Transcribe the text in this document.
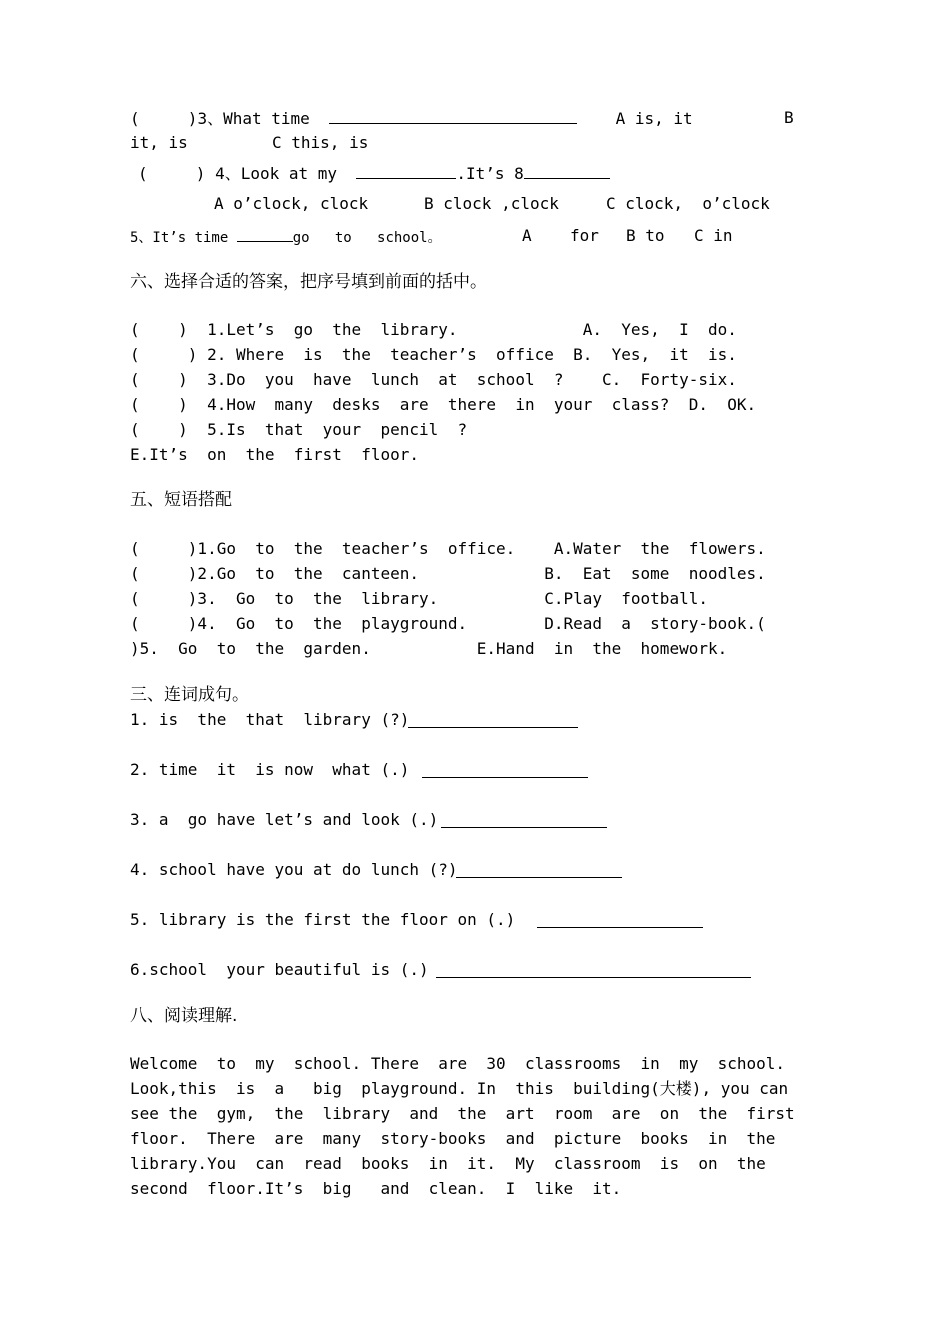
(     )3、What time	A is, it	B
it, is	C this, is
(     ) 4、Look at my	.It’s 8
A o’clock, clock	B clock ,clock	C clock,  o’clock
5、It’s time	go   to   school。	A for B to C in
六、选择合适的答案，把序号填到前面的括中。
(    )  1.Let’s  go  the  library.             A.  Yes,  I  do.
(     ) 2. Where  is  the  teacher’s  office  B.  Yes,  it  is.
(    )  3.Do  you  have  lunch  at  school  ?    C.  Forty-six.
(    )  4.How  many  desks  are  there  in  your  class?  D.  OK.
(    )  5.Is  that  your  pencil  ?
E.It’s  on  the  first  floor.
五、短语搭配
(     )1.Go  to  the  teacher’s  office.    A.Water  the  flowers.
(     )2.Go  to  the  canteen.             B.  Eat  some  noodles.
(     )3.  Go  to  the  library.           C.Play  football.
(     )4.  Go  to  the  playground.        D.Read  a  story-book.(
)5.  Go  to  the  garden.           E.Hand  in  the  homework.
三、连词成句。
1. is  the  that  library (?)
2. time  it  is now  what (.)
3. a  go have let’s and look (.)
4. school have you at do lunch (?)
5. library is the first the floor on (.)
6.school  your beautiful is (.)
八、阅读理解.
Welcome  to  my  school. There  are  30  classrooms  in  my  school.
Look,this  is  a   big  playground. In  this  building(大楼), you can
see the  gym,  the  library  and  the  art  room  are  on  the  first
floor.  There  are  many  story-books  and  picture  books  in  the
library.You  can  read  books  in  it.  My  classroom  is  on  the
second  floor.It’s  big   and  clean.  I  like  it.
